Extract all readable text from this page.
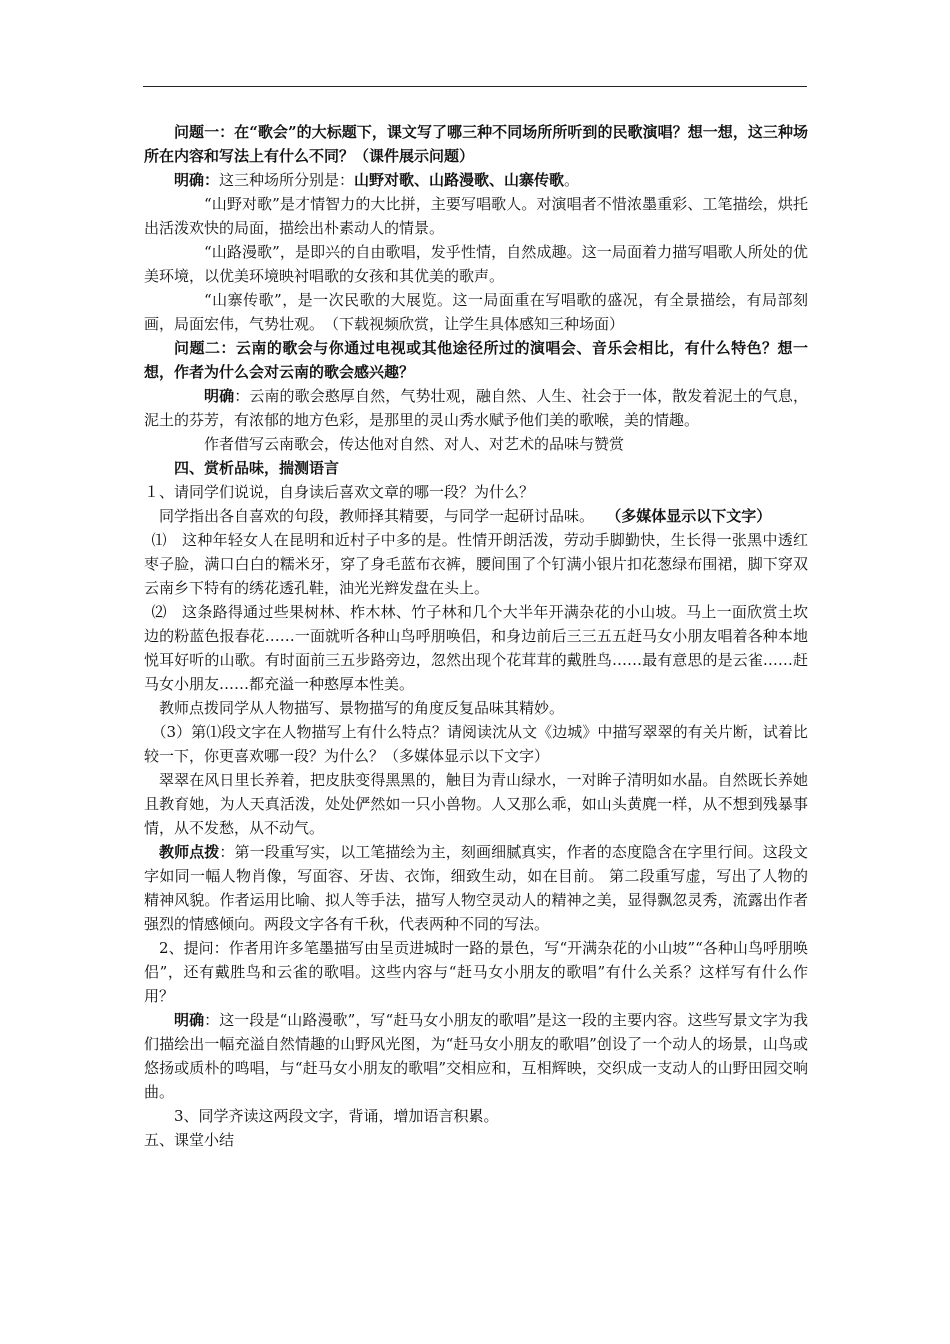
问题一：在“歌会”的大标题下，课文写了哪三种不同场所所听到的民歌演唱？想一想，这三种场所在内容和写法上有什么不同？（课件展示问题）

明确：这三种场所分别是：山野对歌、山路漫歌、山寨传歌。

“山野对歌”是才情智力的大比拼，主要写唱歌人。对演唱者不惜浓墨重彩、工笔描绘，烘托出活泼欢快的局面，描绘出朴素动人的情景。

“山路漫歌”，是即兴的自由歌唱，发乎性情，自然成趣。这一局面着力描写唱歌人所处的优美环境，以优美环境映衬唱歌的女孩和其优美的歌声。

“山寨传歌”，是一次民歌的大展览。这一局面重在写唱歌的盛况，有全景描绘，有局部刻画，局面宏伟，气势壮观。　（下载视频欣赏，让学生具体感知三种场面）

问题二：云南的歌会与你通过电视或其他途径所过的演唱会、音乐会相比，有什么特色？想一想，作者为什么会对云南的歌会感兴趣？

明确：云南的歌会憨厚自然，气势壮观，融自然、人生、社会于一体，散发着泥土的气息，泥土的芬芳，有浓郁的地方色彩，是那里的灵山秀水赋予他们美的歌喉，美的情趣。

作者借写云南歌会，传达他对自然、对人、对艺术的品味与赞赏

四、赏析品味，揣测语言

１、请同学们说说，自身读后喜欢文章的哪一段？为什么？

同学指出各自喜欢的句段，教师择其精要，与同学一起研讨品味。　 （多媒体显示以下文字）

⑴　这种年轻女人在昆明和近村子中多的是。性情开朗活泼，劳动手脚勤快，生长得一张黑中透红枣子脸，满口白白的糯米牙，穿了身毛蓝布衣裤，腰间围了个钉满小银片扣花葱绿布围裙，脚下穿双云南乡下特有的绣花透孔鞋，油光光辫发盘在头上。

⑵　这条路得通过些果树林、柞木林、竹子林和几个大半年开满杂花的小山坡。马上一面欣赏土坎边的粉蓝色报春花……一面就听各种山鸟呼朋唤侣，和身边前后三三五五赶马女小朋友唱着各种本地悦耳好听的山歌。有时面前三五步路旁边，忽然出现个花茸茸的戴胜鸟……最有意思的是云雀……赶马女小朋友……都充溢一种憨厚本性美。

教师点拨同学从人物描写、景物描写的角度反复品味其精妙。

（3）第⑴段文字在人物描写上有什么特点？请阅读沈从文《边城》中描写翠翠的有关片断，试着比较一下，你更喜欢哪一段？为什么？（多媒体显示以下文字）

翠翠在风日里长养着，把皮肤变得黑黑的，触目为青山绿水，一对眸子清明如水晶。自然既长养她且教育她，为人天真活泼，处处俨然如一只小兽物。人又那么乖，如山头黄麂一样，从不想到残暴事情，从不发愁，从不动气。

教师点拨：第一段重写实，以工笔描绘为主，刻画细腻真实，作者的态度隐含在字里行间。这段文字如同一幅人物肖像，写面容、牙齿、衣饰，细致生动，如在目前。 第二段重写虚，写出了人物的精神风貌。作者运用比喻、拟人等手法，描写人物空灵动人的精神之美，显得飘忽灵秀，流露出作者强烈的情感倾向。两段文字各有千秋，代表两种不同的写法。

2、提问：作者用许多笔墨描写由呈贡进城时一路的景色，写“开满杂花的小山坡”“各种山鸟呼朋唤侣”，还有戴胜鸟和云雀的歌唱。这些内容与“赶马女小朋友的歌唱”有什么关系？这样写有什么作用？

明确：这一段是“山路漫歌”，写“赶马女小朋友的歌唱”是这一段的主要内容。这些写景文字为我们描绘出一幅充溢自然情趣的山野风光图，为“赶马女小朋友的歌唱”创设了一个动人的场景，山鸟或悠扬或质朴的鸣唱，与“赶马女小朋友的歌唱”交相应和，互相辉映，交织成一支动人的山野田园交响曲。

3、同学齐读这两段文字，背诵，增加语言积累。

五、课堂小结
